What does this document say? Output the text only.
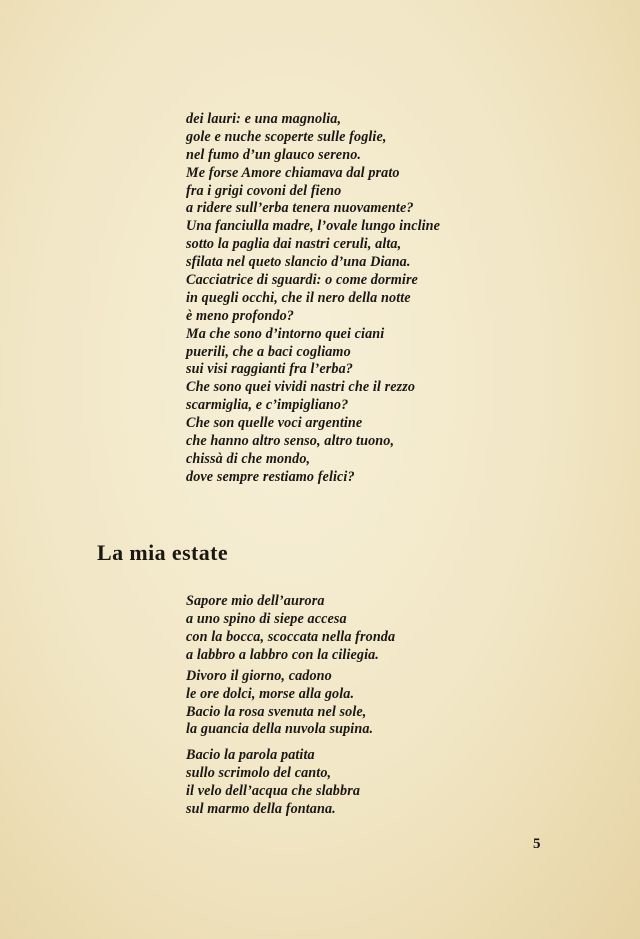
dei lauri: e una magnolia,
gole e nuche scoperte sulle foglie,
nel fumo d’un glauco sereno.
Me forse Amore chiamava dal prato
fra i grigi covoni del fieno
a ridere sull’erba tenera nuovamente?
Una fanciulla madre, l’ovale lungo incline
sotto la paglia dai nastri ceruli, alta,
sfilata nel queto slancio d’una Diana.
Cacciatrice di sguardi: o come dormire
in quegli occhi, che il nero della notte
è meno profondo?
Ma che sono d’intorno quei ciani
puerili, che a baci cogliamo
sui visi raggianti fra l’erba?
Che sono quei vividi nastri che il rezzo
scarmiglia, e c’impigliano?
Che son quelle voci argentine
che hanno altro senso, altro tuono,
chissà di che mondo,
dove sempre restiamo felici?
La mia estate
Sapore mio dell’aurora
a uno spino di siepe accesa
con la bocca, scoccata nella fronda
a labbro a labbro con la ciliegia.
Divoro il giorno, cadono
le ore dolci, morse alla gola.
Bacio la rosa svenuta nel sole,
la guancia della nuvola supina.
Bacio la parola patita
sullo scrimolo del canto,
il velo dell’acqua che slabbra
sul marmo della fontana.
5
